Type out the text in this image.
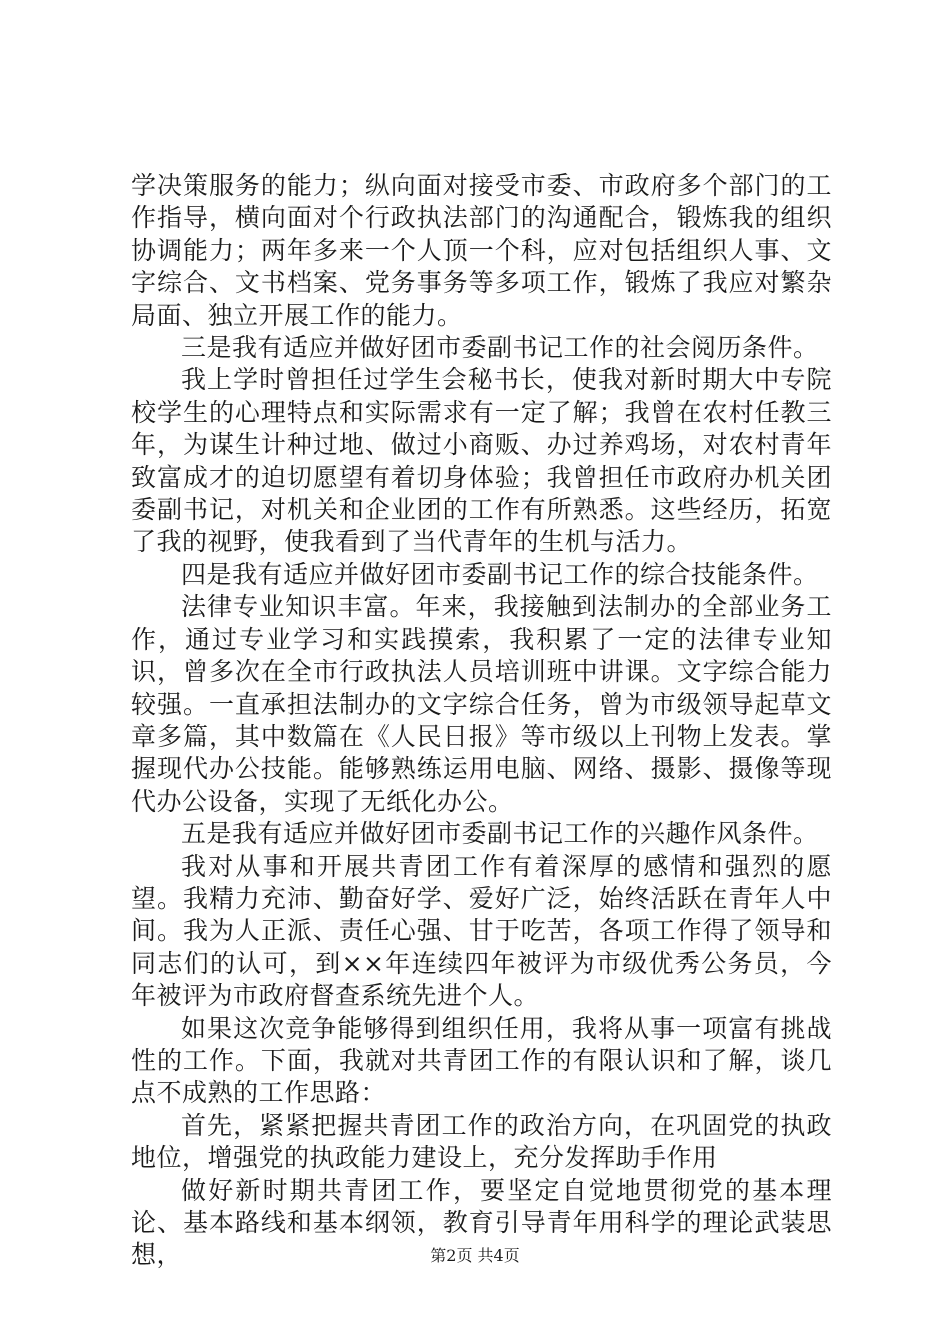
学决策服务的能力；纵向面对接受市委、市政府多个部门的工作指导，横向面对个行政执法部门的沟通配合，锻炼我的组织协调能力；两年多来一个人顶一个科，应对包括组织人事、文字综合、文书档案、党务事务等多项工作，锻炼了我应对繁杂局面、独立开展工作的能力。

三是我有适应并做好团市委副书记工作的社会阅历条件。

我上学时曾担任过学生会秘书长，使我对新时期大中专院校学生的心理特点和实际需求有一定了解；我曾在农村任教三年，为谋生计种过地、做过小商贩、办过养鸡场，对农村青年致富成才的迫切愿望有着切身体验；我曾担任市政府办机关团委副书记，对机关和企业团的工作有所熟悉。这些经历，拓宽了我的视野，使我看到了当代青年的生机与活力。

四是我有适应并做好团市委副书记工作的综合技能条件。

法律专业知识丰富。年来，我接触到法制办的全部业务工作，通过专业学习和实践摸索，我积累了一定的法律专业知识，曾多次在全市行政执法人员培训班中讲课。文字综合能力较强。一直承担法制办的文字综合任务，曾为市级领导起草文章多篇，其中数篇在《人民日报》等市级以上刊物上发表。掌握现代办公技能。能够熟练运用电脑、网络、摄影、摄像等现代办公设备，实现了无纸化办公。

五是我有适应并做好团市委副书记工作的兴趣作风条件。

我对从事和开展共青团工作有着深厚的感情和强烈的愿望。我精力充沛、勤奋好学、爱好广泛，始终活跃在青年人中间。我为人正派、责任心强、甘于吃苦，各项工作得了领导和同志们的认可，到××年连续四年被评为市级优秀公务员，今年被评为市政府督查系统先进个人。

如果这次竞争能够得到组织任用，我将从事一项富有挑战性的工作。下面，我就对共青团工作的有限认识和了解，谈几点不成熟的工作思路：

首先，紧紧把握共青团工作的政治方向，在巩固党的执政地位，增强党的执政能力建设上，充分发挥助手作用

做好新时期共青团工作，要坚定自觉地贯彻党的基本理论、基本路线和基本纲领，教育引导青年用科学的理论武装思想，	第2页 共4页
